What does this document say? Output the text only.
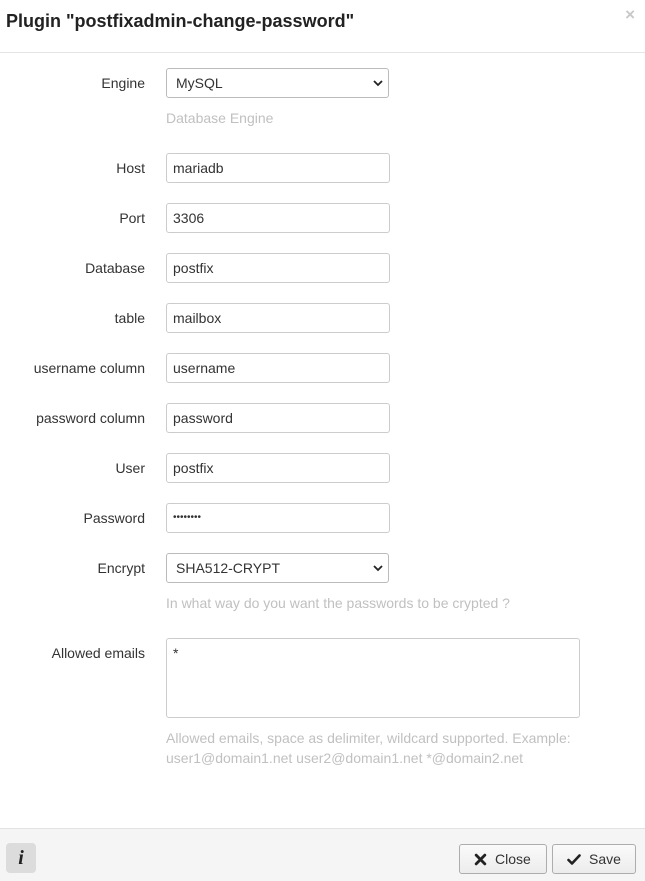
Plugin "postfixadmin-change-password"	×
Engine	MySQL
Database Engine
Host	mariadb
Port	3306
Database	postfix
table	mailbox
username column	username
password column	password
User	postfix
Password	••••••••
Encrypt	SHA512-CRYPT
In what way do you want the passwords to be crypted ?
Allowed emails	*
Allowed emails, space as delimiter, wildcard supported. Example:
user1@domain1.net user2@domain1.net *@domain2.net
i	Close	Save
